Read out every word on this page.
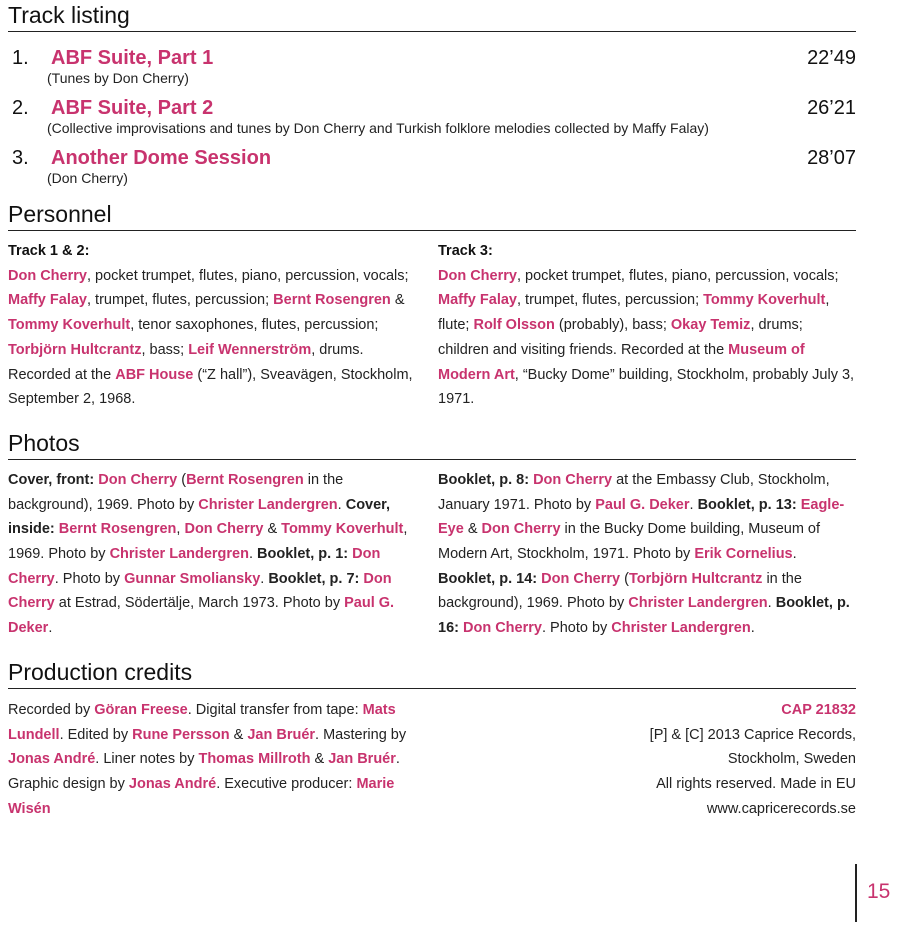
Track listing
1.	ABF Suite, Part 1	22’49
(Tunes by Don Cherry)
2.	ABF Suite, Part 2	26’21
(Collective improvisations and tunes by Don Cherry and Turkish folklore melodies collected by Maffy Falay)
3.	Another Dome Session	28’07
(Don Cherry)
Personnel
Track 1 & 2:
Don Cherry, pocket trumpet, flutes, piano, percussion, vocals; Maffy Falay, trumpet, flutes, percussion; Bernt Rosengren & Tommy Koverhult, tenor saxophones, flutes, percussion; Torbjörn Hultcrantz, bass; Leif Wennerström, drums. Recorded at the ABF House (“Z hall”), Sveavägen, Stockholm, September 2, 1968.
Track 3:
Don Cherry, pocket trumpet, flutes, piano, percussion, vocals; Maffy Falay, trumpet, flutes, percussion; Tommy Koverhult, flute; Rolf Olsson (probably), bass; Okay Temiz, drums; children and visiting friends. Recorded at the Museum of Modern Art, “Bucky Dome” building, Stockholm, probably July 3, 1971.
Photos
Cover, front: Don Cherry (Bernt Rosengren in the background), 1969. Photo by Christer Landergren. Cover, inside: Bernt Rosengren, Don Cherry & Tommy Koverhult, 1969. Photo by Christer Landergren. Booklet, p. 1: Don Cherry. Photo by Gunnar Smoliansky. Booklet, p. 7: Don Cherry at Estrad, Södertälje, March 1973. Photo by Paul G. Deker.
Booklet, p. 8: Don Cherry at the Embassy Club, Stockholm, January 1971. Photo by Paul G. Deker. Booklet, p. 13: Eagle-Eye & Don Cherry in the Bucky Dome building, Museum of Modern Art, Stockholm, 1971. Photo by Erik Cornelius. Booklet, p. 14: Don Cherry (Torbjörn Hultcrantz in the background), 1969. Photo by Christer Landergren. Booklet, p. 16: Don Cherry. Photo by Christer Landergren.
Production credits
Recorded by Göran Freese. Digital transfer from tape: Mats Lundell. Edited by Rune Persson & Jan Bruér. Mastering by Jonas André. Liner notes by Thomas Millroth & Jan Bruér. Graphic design by Jonas André. Executive producer: Marie Wisén
CAP 21832
[P] & [C] 2013 Caprice Records,
Stockholm, Sweden
All rights reserved. Made in EU
www.capricerecords.se
15
